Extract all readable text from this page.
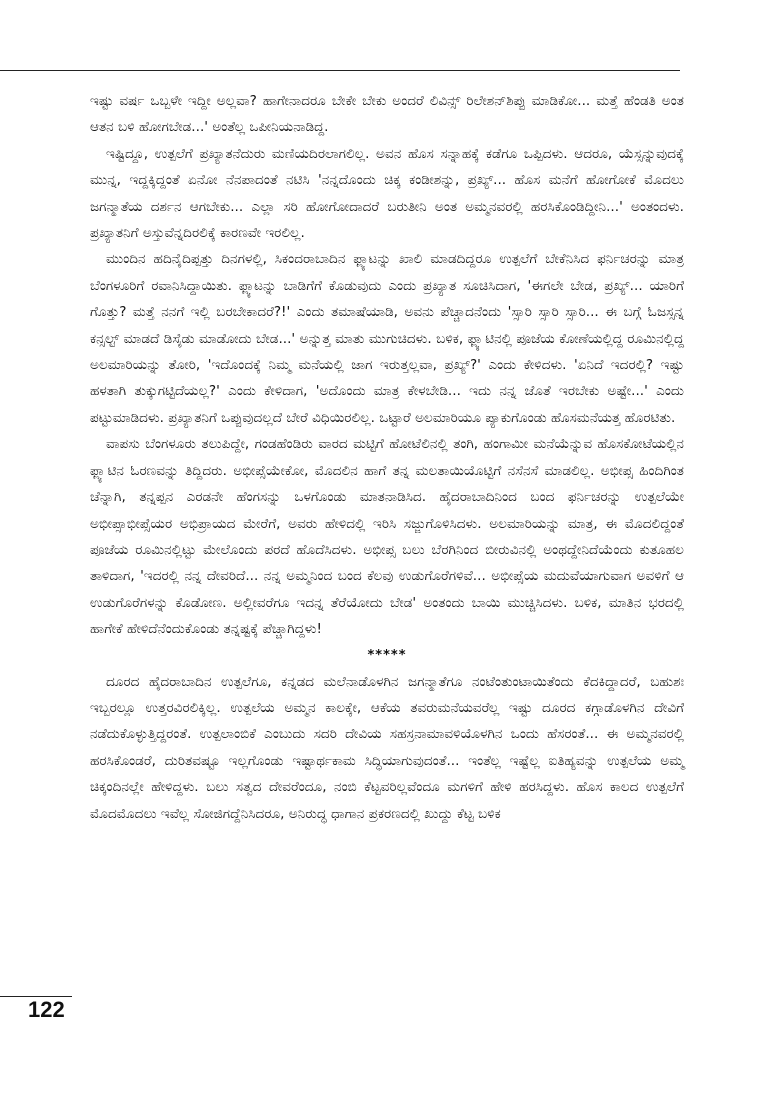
ಇಷ್ಟು ವರ್ಷ ಒಬ್ಬಳೇ ಇದ್ದೀ ಅಲ್ಲವಾ? ಹಾಗೇನಾದರೂ ಬೇಕೇ ಬೇಕು ಅಂದರೆ ಲಿವಿನ್ಸ್ ರಿಲೇಶನ್‌ಶಿಪ್ಪು ಮಾಡಿಕೋ... ಮತ್ತೆ ಹೆಂಡತಿ ಅಂತ ಆತನ ಬಳಿ ಹೋಗಬೇಡ...' ಅಂತೆಲ್ಲ ಒಪೀನಿಯನಾಡಿದ್ದ.

ಇಷ್ಟಿದ್ದೂ, ಉತ್ಪಲೆಗೆ ಪ್ರಖ್ಯಾತನೆದುರು ಮಣಿಯದಿರಲಾಗಲಿಲ್ಲ. ಅವನ ಹೊಸ ಸನ್ನಾಹಕ್ಕೆ ಕಡೆಗೂ ಒಪ್ಪಿದಳು. ಆದರೂ, ಯೆಸ್ಸನ್ನುವುದಕ್ಕೆ ಮುನ್ನ, ಇದ್ದಕ್ಕಿದ್ದಂತೆ ಏನೋ ನೆನಪಾದಂತೆ ನಟಿಸಿ 'ನನ್ನದೊಂದು ಚಿಕ್ಕ ಕಂಡೀಶನ್ನು, ಪ್ರಖ್ಯ್... ಹೊಸ ಮನೆಗೆ ಹೋಗೋಕೆ ಮೊದಲು ಜಗನ್ಮಾತೆಯ ದರ್ಶನ ಆಗಬೇಕು... ಎಲ್ಲಾ ಸರಿ ಹೋಗೋದಾದರೆ ಬರುತೀನಿ ಅಂತ ಅಮ್ಮನವರಲ್ಲಿ ಹರಸಿಕೊಂಡಿದ್ದೀನಿ...' ಅಂತಂದಳು. ಪ್ರಖ್ಯಾತನಿಗೆ ಅಸ್ತುವೆನ್ನದಿರಲಿಕ್ಕೆ ಕಾರಣವೇ ಇರಲಿಲ್ಲ.

ಮುಂದಿನ ಹದಿನೈದಿಪ್ಪತ್ತು ದಿನಗಳಲ್ಲಿ, ಸಿಕಂದರಾಬಾದಿನ ಫ್ಲ್ಯಾಟನ್ನು ಖಾಲಿ ಮಾಡದಿದ್ದರೂ ಉತ್ಪಲೆಗೆ ಬೇಕೆನಿಸಿದ ಫರ್ನಿಚರನ್ನು ಮಾತ್ರ ಬೆಂಗಳೂರಿಗೆ ರವಾನಿಸಿದ್ದಾಯಿತು. ಫ್ಲ್ಯಾಟನ್ನು ಬಾಡಿಗೆಗೆ ಕೊಡುವುದು ಎಂದು ಪ್ರಖ್ಯಾತ ಸೂಚಿಸಿದಾಗ, 'ಈಗಲೇ ಬೇಡ, ಪ್ರಖ್ಯ್... ಯಾರಿಗೆ ಗೊತ್ತು? ಮತ್ತೆ ನನಗೆ ಇಲ್ಲಿ ಬರಬೇಕಾದರೆ?!' ಎಂದು ತಮಾಷೆಯಾಡಿ, ಅವನು ಪೆಚ್ಚಾದನೆಂದು 'ಸ್ಸಾರಿ ಸ್ಸಾರಿ ಸ್ಸಾರಿ... ಈ ಬಗ್ಗೆ ಓಜಸ್ಸನ್ನ ಕನ್ಸಲ್ಟ್ ಮಾಡದೆ ಡಿಸೈಡು ಮಾಡೋದು ಬೇಡ...' ಅನ್ನುತ್ತ ಮಾತು ಮುಗುಚಿದಳು. ಬಳಿಕ, ಫ್ಲ್ಯಾಟಿನಲ್ಲಿ ಪೂಜೆಯ ಕೋಣೆಯಲ್ಲಿದ್ದ ರೂಮಿನಲ್ಲಿದ್ದ ಅಲಮಾರಿಯನ್ನು ತೋರಿ, 'ಇದೊಂದಕ್ಕೆ ನಿಮ್ಮ ಮನೆಯಲ್ಲಿ ಜಾಗ ಇರುತ್ತಲ್ಲವಾ, ಪ್ರಖ್ಯ್?' ಎಂದು ಕೇಳಿದಳು. 'ಏನಿದೆ ಇದರಲ್ಲಿ? ಇಷ್ಟು ಹಳತಾಗಿ ತುಕ್ಕುಗಟ್ಟಿದೆಯಲ್ಲ?' ಎಂದು ಕೇಳಿದಾಗ, 'ಅದೊಂದು ಮಾತ್ರ ಕೇಳಬೇಡಿ... ಇದು ನನ್ನ ಜೊತೆ ಇರಬೇಕು ಅಷ್ಟೇ...' ಎಂದು ಪಟ್ಟುಮಾಡಿದಳು. ಪ್ರಖ್ಯಾತನಿಗೆ ಒಪ್ಪುವುದಲ್ಲದೆ ಬೇರೆ ವಿಧಿಯಿರಲಿಲ್ಲ. ಒಟ್ಟಾರೆ ಅಲಮಾರಿಯೂ ಪ್ಯಾಕುಗೊಂಡು ಹೊಸಮನೆಯತ್ತ ಹೊರಟಿತು.

ವಾಪಸು ಬೆಂಗಳೂರು ತಲುಪಿದ್ದೇ, ಗಂಡಹೆಂಡಿರು ವಾರದ ಮಟ್ಟಿಗೆ ಹೋಟೆಲಿನಲ್ಲಿ ತಂಗಿ, ಹಂಗಾಮೀ ಮನೆಯೆನ್ನುವ ಹೊಸಕೋಟೆಯಲ್ಲಿನ ಫ್ಲ್ಯಾಟಿನ ಓರಣವನ್ನು ತಿದ್ದಿದರು. ಅಭೀಪ್ಸೆಯೇಕೋ, ಮೊದಲಿನ ಹಾಗೆ ತನ್ನ ಮಲತಾಯಿಯೊಟ್ಟಿಗೆ ನಸೆನಸೆ ಮಾಡಲಿಲ್ಲ. ಅಭೀಪ್ಸ ಹಿಂದಿಗಿಂತ ಚೆನ್ನಾಗಿ, ತನ್ನಪ್ಪನ ಎರಡನೇ ಹೆಂಗಸನ್ನು ಒಳಗೊಂಡು ಮಾತನಾಡಿಸಿದ. ಹೈದರಾಬಾದಿನಿಂದ ಬಂದ ಫರ್ನಿಚರನ್ನು ಉತ್ಪಲೆಯೇ ಅಭೀಪ್ಸಾಭೀಪ್ಸೆಯರ ಅಭಿಪ್ರಾಯದ ಮೇರೆಗೆ, ಅವರು ಹೇಳಿದಲ್ಲಿ ಇರಿಸಿ ಸಜ್ಜುಗೊಳಿಸಿದಳು. ಅಲಮಾರಿಯನ್ನು ಮಾತ್ರ, ಈ ಮೊದಲಿದ್ದಂತೆ ಪೂಜೆಯ ರೂಮಿನಲ್ಲಿಟ್ಟು ಮೇಲೊಂದು ಪರದೆ ಹೊದೆಸಿದಳು. ಅಭೀಪ್ಸ ಬಲು ಬೆರಗಿನಿಂದ ಬೀರುವಿನಲ್ಲಿ ಅಂಥದ್ದೇನಿದೆಯೆಂದು ಕುತೂಹಲ ತಾಳಿದಾಗ, 'ಇದರಲ್ಲಿ ನನ್ನ ದೇವರಿದೆ... ನನ್ನ ಅಮ್ಮನಿಂದ ಬಂದ ಕೆಲವು ಉಡುಗೊರೆಗಳಿವೆ... ಅಭೀಪ್ಸೆಯ ಮದುವೆಯಾಗುವಾಗ ಅವಳಿಗೆ ಆ ಉಡುಗೊರೆಗಳನ್ನು ಕೊಡೋಣ. ಅಲ್ಲೀವರೆಗೂ ಇದನ್ನ ತೆರೆಯೋದು ಬೇಡ' ಅಂತಂದು ಬಾಯಿ ಮುಚ್ಚಿಸಿದಳು. ಬಳಿಕ, ಮಾತಿನ ಭರದಲ್ಲಿ ಹಾಗೇಕೆ ಹೇಳಿದೆನೆಂದುಕೊಂಡು ತನ್ನಷ್ಟಕ್ಕೆ ಪೆಚ್ಚಾಗಿದ್ದಳು!

*****

ದೂರದ ಹೈದರಾಬಾದಿನ ಉತ್ಪಲೆಗೂ, ಕನ್ನಡದ ಮಲೆನಾಡೊಳಗಿನ ಜಗನ್ಮಾತೆಗೂ ನಂಟೆಂತುಂಟಾಯಿತೆಂದು ಕೆದಕಿದ್ದಾದರೆ, ಬಹುಶಃ ಇಬ್ಬರಲ್ಲೂ ಉತ್ತರವಿರಲಿಕ್ಕಿಲ್ಲ. ಉತ್ಪಲೆಯ ಅಮ್ಮನ ಕಾಲಕ್ಕೇ, ಆಕೆಯ ತವರುಮನೆಯವರೆಲ್ಲ ಇಷ್ಟು ದೂರದ ಕಗ್ಗಾಡೊಳಗಿನ ದೇವಿಗೆ ನಡೆದುಕೊಳ್ಳುತ್ತಿದ್ದರಂತೆ. ಉತ್ಪಲಾಂಬಿಕೆ ಎಂಬುದು ಸದರಿ ದೇವಿಯ ಸಹಸ್ರನಾಮಾವಳಿಯೊಳಗಿನ ಒಂದು ಹೆಸರಂತೆ... ಈ ಅಮ್ಮನವರಲ್ಲಿ ಹರಸಿಕೊಂಡರೆ, ದುರಿತವಷ್ಟೂ ಇಲ್ಲಗೊಂಡು ಇಷ್ಟಾರ್ಥಕಾಮ ಸಿದ್ಧಿಯಾಗುವುದಂತೆ... ಇಂತೆಲ್ಲ ಇಷ್ಟೆಲ್ಲ ಐತಿಹ್ಯವನ್ನು ಉತ್ಪಲೆಯ ಅಮ್ಮ ಚಿಕ್ಕಂದಿನಲ್ಲೇ ಹೇಳಿದ್ದಳು. ಬಲು ಸತ್ವದ ದೇವರೆಂದೂ, ನಂಬಿ ಕೆಟ್ಟವರಿಲ್ಲವೆಂದೂ ಮಗಳಿಗೆ ಹೇಳಿ ಹರಸಿದ್ದಳು. ಹೊಸ ಕಾಲದ ಉತ್ಪಲೆಗೆ ಮೊದಮೊದಲು ಇವೆಲ್ಲ ಸೋಜಿಗದ್ದೆನಿಸಿದರೂ, ಅನಿರುದ್ಧ ಧಾಗಾನ ಪ್ರಕರಣದಲ್ಲಿ ಖುದ್ದು ಕೆಟ್ಟ ಬಳಿಕ

122
